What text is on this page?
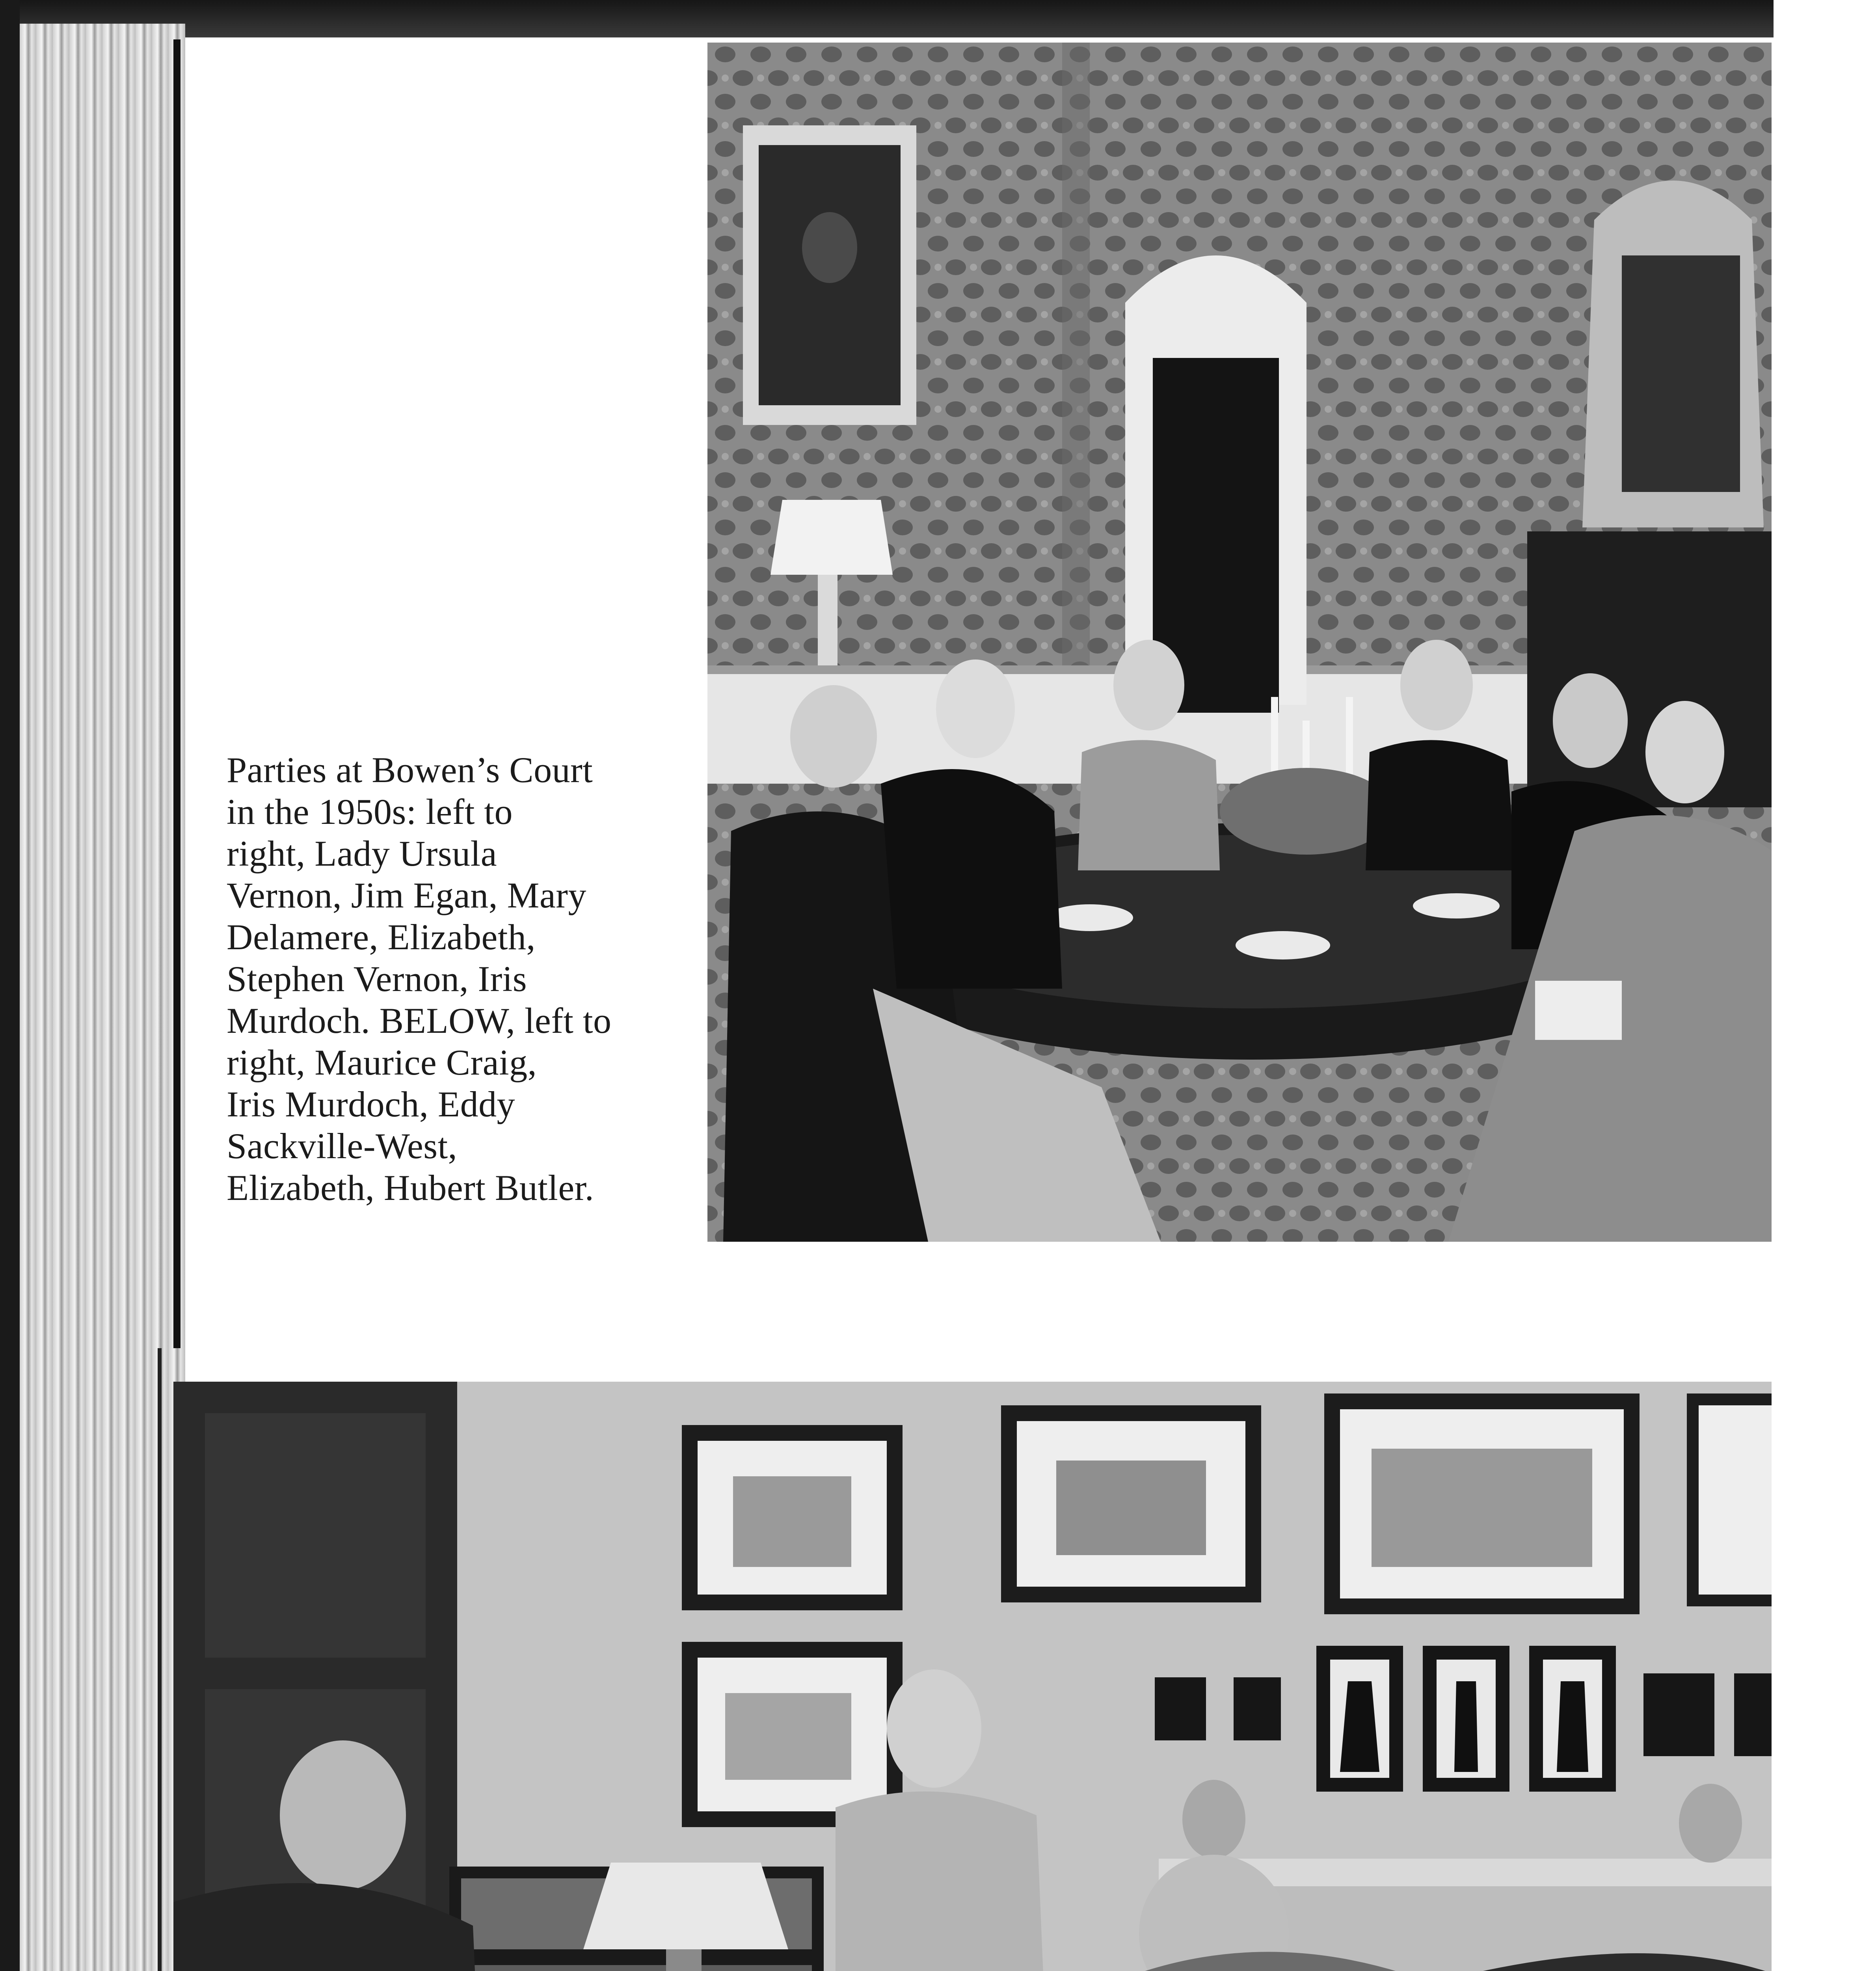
Parties at Bowen’s Court
in the 1950s: left to
right, Lady Ursula
Vernon, Jim Egan, Mary
Delamere, Elizabeth,
Stephen Vernon, Iris
Murdoch. BELOW, left to
right, Maurice Craig,
Iris Murdoch, Eddy
Sackville-West,
Elizabeth, Hubert Butler.
